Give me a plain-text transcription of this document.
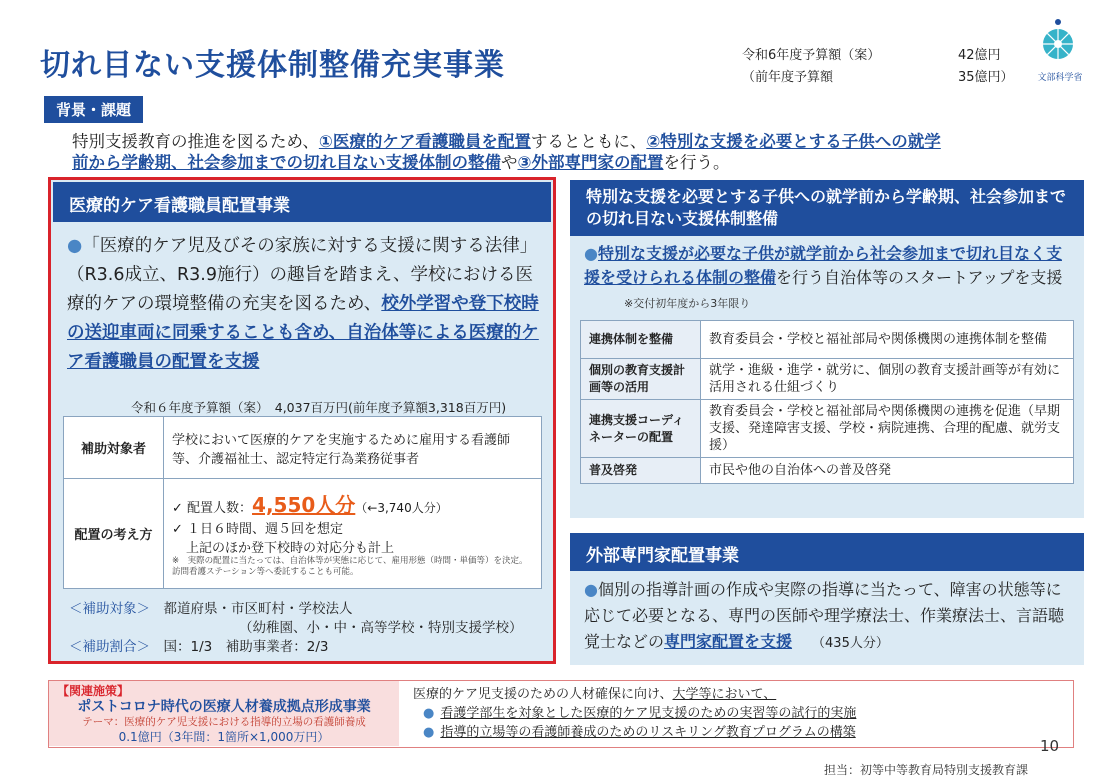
切れ目ない支援体制整備充実事業	令和6年度予算額（案）	42億円
（前年度予算額	35億円）	文部科学省
背景・課題
特別支援教育の推進を図るため、①医療的ケア看護職員を配置するとともに、②特別な支援を必要とする子供への就学
前から学齢期、社会参加までの切れ目ない支援体制の整備や③外部専門家の配置を行う。
医療的ケア看護職員配置事業
●「医療的ケア児及びその家族に対する支援に関する法律」（R3.6成立、R3.9施行）の趣旨を踏まえ、学校における医療的ケアの環境整備の充実を図るため、校外学習や登下校時の送迎車両に同乗することも含め、自治体等による医療的ケア看護職員の配置を支援
令和６年度予算額（案）　4,037百万円(前年度予算額3,318百万円)
補助対象者	学校において医療的ケアを実施するために雇用する看護師等、介護福祉士、認定特定行為業務従事者
配置の考え方	✓ 配置人数：4,550人分（←3,740人分）
✓ １日６時間、週５回を想定
上記のほか登下校時の対応分も計上
※　実際の配置に当たっては、自治体等が実態に応じて、雇用形態（時間・単価等）を決定。訪問看護ステーション等へ委託することも可能。
＜補助対象＞　 都道府県・市区町村・学校法人
（幼稚園、小・中・高等学校・特別支援学校）
＜補助割合＞　 国：1/3　補助事業者：2/3
特別な支援を必要とする子供への就学前から学齢期、社会参加までの切れ目ない支援体制整備
●特別な支援が必要な子供が就学前から社会参加まで切れ目なく支援を受けられる体制の整備を行う自治体等のスタートアップを支援※交付初年度から3年限り
連携体制を整備	教育委員会・学校と福祉部局や関係機関の連携体制を整備
個別の教育支援計画等の活用	就学・進級・進学・就労に、個別の教育支援計画等が有効に活用される仕組づくり
連携支援コーディネーターの配置	教育委員会・学校と福祉部局や関係機関の連携を促進（早期支援、発達障害支援、学校・病院連携、合理的配慮、就労支援）
普及啓発	市民や他の自治体への普及啓発
外部専門家配置事業
●個別の指導計画の作成や実際の指導に当たって、障害の状態等に応じて必要となる、専門の医師や理学療法士、作業療法士、言語聴覚士などの専門家配置を支援 （435人分）
【関連施策】
ポストコロナ時代の医療人材養成拠点形成事業
テーマ：医療的ケア児支援における指導的立場の看護師養成
0.1億円（3年間：1箇所×1,000万円）
医療的ケア児支援のための人材確保に向け、大学等において、
● 看護学部生を対象とした医療的ケア児支援のための実習等の試行的実施
● 指導的立場等の看護師養成のためのリスキリング教育プログラムの構築
10
担当：初等中等教育局特別支援教育課
